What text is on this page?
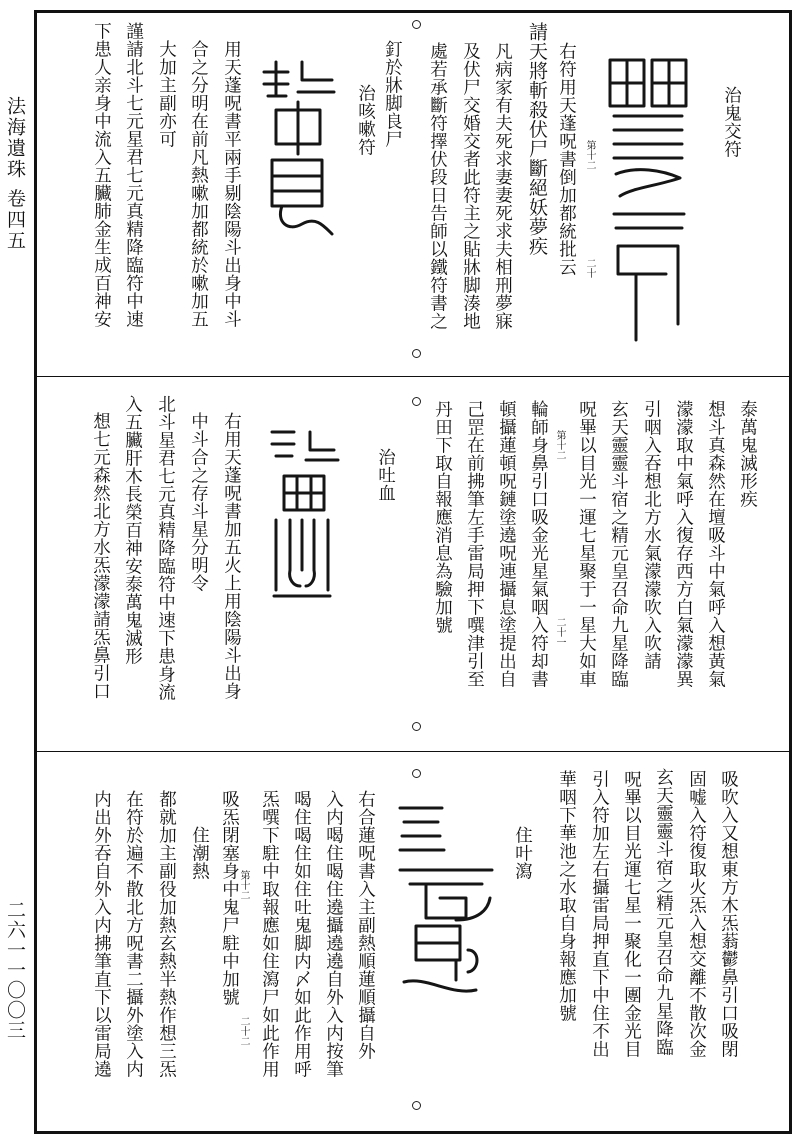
法海遺珠 卷四五
二六一一〇〇三
治鬼交符
右符用天蓬呪書倒加都統批云 第十二
二十
請天將斬殺伏尸斷絕妖夢疾
凡病家有夫死求妻妻死求夫相刑夢寐
及伏尸交婚交者此符主之貼牀脚湊地
處若承斷符擇伏段日告師以鐵符書之
釘於牀脚良尸
治咳嗽符
用天蓬呪書平兩手剔陰陽斗出身中斗
合之分明在前凡熱嗽加都統於嗽加五
大加主副亦可
謹請北斗七元星君七元真精降臨符中速
下患人亲身中流入五臟肺金生成百神安
泰萬鬼滅形疾
想斗真森然在壇吸斗中氣呼入想黃氣
濛濛取中氣呼入復存西方白氣濛濛異
引咽入吞想北方水氣濛濛吹入吹請
玄天靈靈斗宿之精元皇召命九星降臨
呪畢以目光一運七星聚于一星大如車
第十二
二十一
輪師身鼻引口吸金光星氣咽入符却書
頓攝蓮頓呪鏈塗遶呪連攝息塗提出自
己罡在前拂筆左手雷局押下噀津引至
丹田下取自報應消息為驗加號
治吐血
右用天蓬呪書加五火上用陰陽斗出身
中斗合之存斗星分明令
北斗星君七元真精降臨符中速下患身流
入五臟肝木長榮百神安泰萬鬼滅形
想七元森然北方水炁濛濛請炁鼻引口
吸吹入又想東方木炁蓊鬱鼻引口吸閉
固嘘入符復取火炁入想交離不散次金
玄天靈靈斗宿之精元皇召命九星降臨
呪畢以目光運七星一聚化一團金光目
引入符加左右攝雷局押直下中住不出
華咽下華池之水取自身報應加號
住叶瀉
右合蓮呪書入主副熱順蓮順攝自外
入内喝住喝住遶攝遶遶自外入内按筆
喝住喝住如住吐鬼脚内〆如此作用呼
炁噀下駐中取報應如住瀉尸如此作用
第十二
二十二
吸炁閉塞身中鬼尸駐中加號
住潮熱
都就加主副役加熱玄熱半熱作想三炁
在符於遍不散北方呪書二攝外塗入内
内出外吞自外入内拂筆直下以雷局遶
